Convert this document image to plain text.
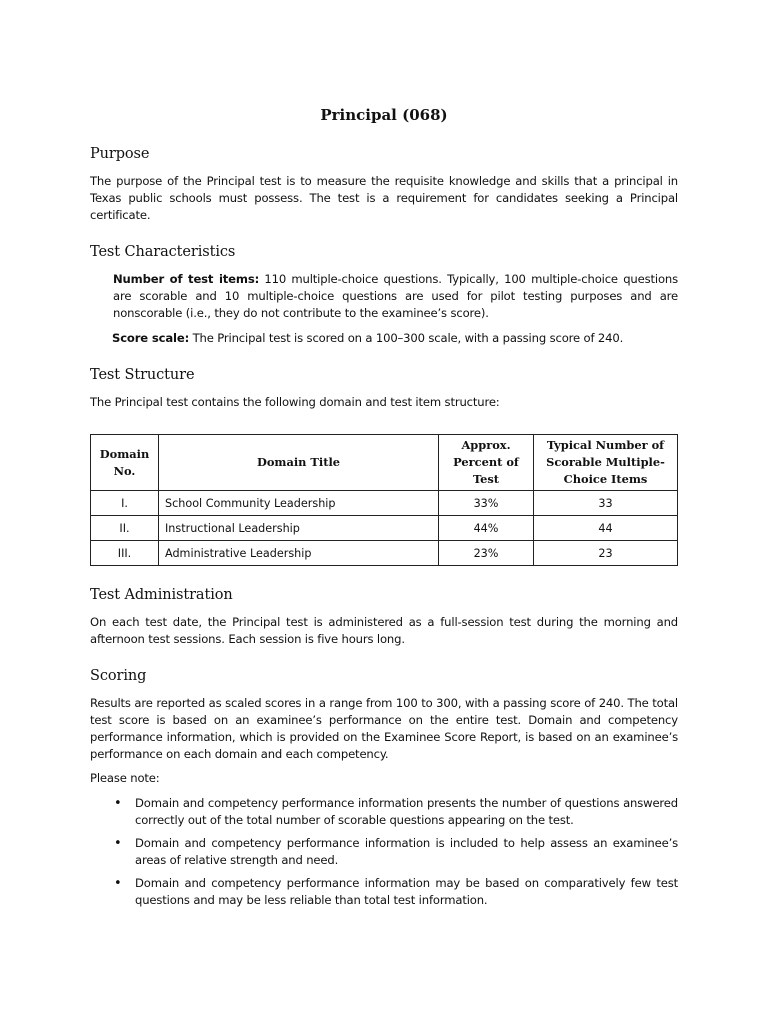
Principal (068)
Purpose

The purpose of the Principal test is to measure the requisite knowledge and skills that a principal in Texas public schools must possess. The test is a requirement for candidates seeking a Principal certificate.

Test Characteristics

Number of test items: 110 multiple-choice questions. Typically, 100 multiple-choice questions are scorable and 10 multiple-choice questions are used for pilot testing purposes and are nonscorable (i.e., they do not contribute to the examinee’s score).

Score scale: The Principal test is scored on a 100–300 scale, with a passing score of 240.

Test Structure

The Principal test contains the following domain and test item structure:

Domain No.	Domain Title	Approx. Percent of Test	Typical Number of Scorable Multiple-Choice Items
I.	School Community Leadership	33%	33
II.	Instructional Leadership	44%	44
III.	Administrative Leadership	23%	23
Test Administration

On each test date, the Principal test is administered as a full-session test during the morning and afternoon test sessions. Each session is five hours long.

Scoring

Results are reported as scaled scores in a range from 100 to 300, with a passing score of 240. The total test score is based on an examinee’s performance on the entire test. Domain and competency performance information, which is provided on the Examinee Score Report, is based on an examinee’s performance on each domain and each competency.

Please note:

• Domain and competency performance information presents the number of questions answered correctly out of the total number of scorable questions appearing on the test.
• Domain and competency performance information is included to help assess an examinee’s areas of relative strength and need.
• Domain and competency performance information may be based on comparatively few test questions and may be less reliable than total test information.
